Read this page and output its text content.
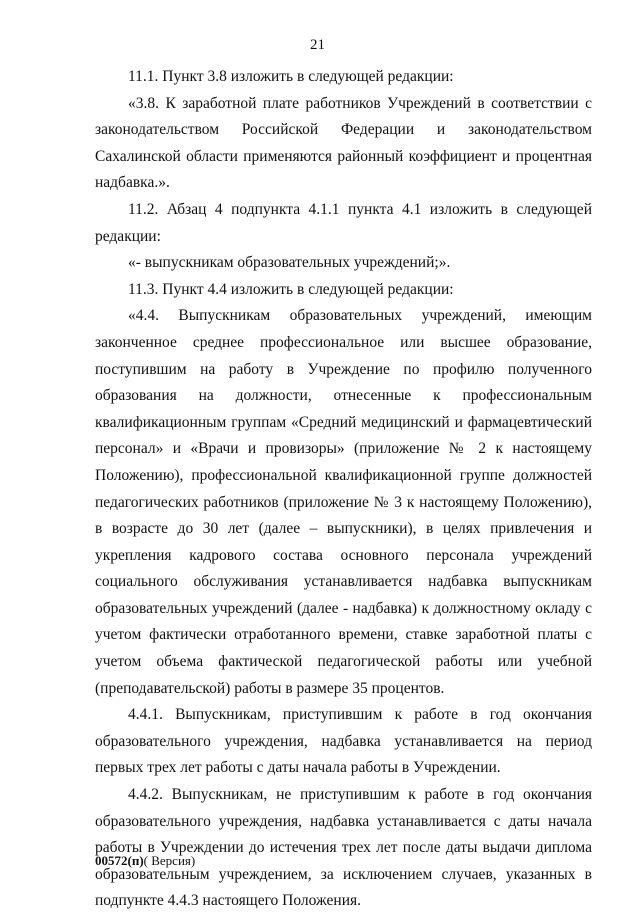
21

11.1. Пункт 3.8 изложить в следующей редакции:

«3.8. К заработной плате работников Учреждений в соответствии с законодательством Российской Федерации и законодательством Сахалинской области применяются районный коэффициент и процентная надбавка.».

11.2. Абзац 4 подпункта 4.1.1 пункта 4.1 изложить в следующей редакции:

«- выпускникам образовательных учреждений;».

11.3. Пункт 4.4 изложить в следующей редакции:

«4.4. Выпускникам образовательных учреждений, имеющим законченное среднее профессиональное или высшее образование, поступившим на работу в Учреждение по профилю полученного образования на должности, отнесенные к профессиональным квалификационным группам «Средний медицинский и фармацевтический персонал» и «Врачи и провизоры» (приложение № 2 к настоящему Положению), профессиональной квалификационной группе должностей педагогических работников (приложение № 3 к настоящему Положению), в возрасте до 30 лет (далее – выпускники), в целях привлечения и укрепления кадрового состава основного персонала учреждений социального обслуживания устанавливается надбавка выпускникам образовательных учреждений (далее - надбавка) к должностному окладу с учетом фактически отработанного времени, ставке заработной платы с учетом объема фактической педагогической работы или учебной (преподавательской) работы в размере 35 процентов.

4.4.1. Выпускникам, приступившим к работе в год окончания образовательного учреждения, надбавка устанавливается на период первых трех лет работы с даты начала работы в Учреждении.

4.4.2. Выпускникам, не приступившим к работе в год окончания образовательного учреждения, надбавка устанавливается с даты начала работы в Учреждении до истечения трех лет после даты выдачи диплома образовательным учреждением, за исключением случаев, указанных в подпункте 4.4.3 настоящего Положения.

00572(п)( Версия)
